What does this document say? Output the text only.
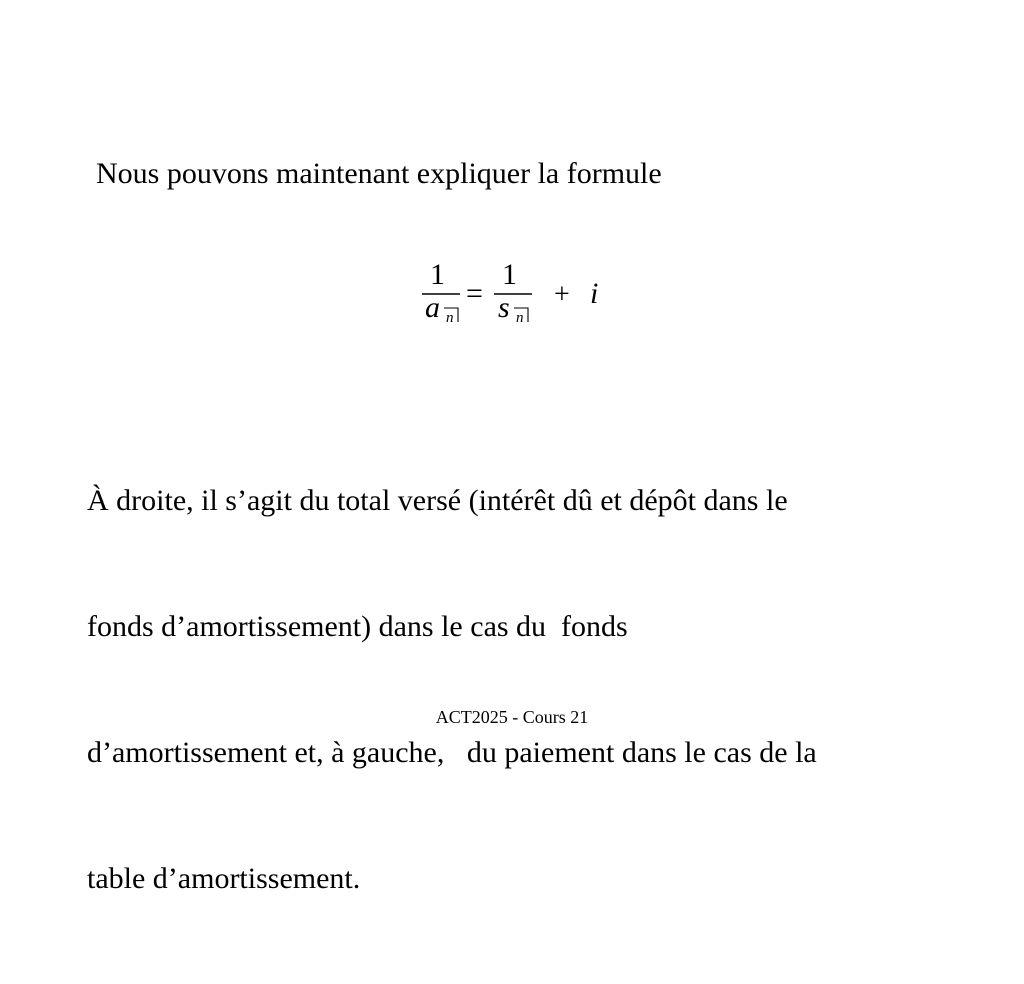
Nous pouvons maintenant expliquer la formule
1
a n
=
1
s n
+ i

À droite, il s’agit du total versé (intérêt dû et dépôt dans le

fonds d’amortissement) dans le cas du  fonds

d’amortissement et, à gauche,   du paiement dans le cas de la

table d’amortissement.

ACT2025 - Cours 21
